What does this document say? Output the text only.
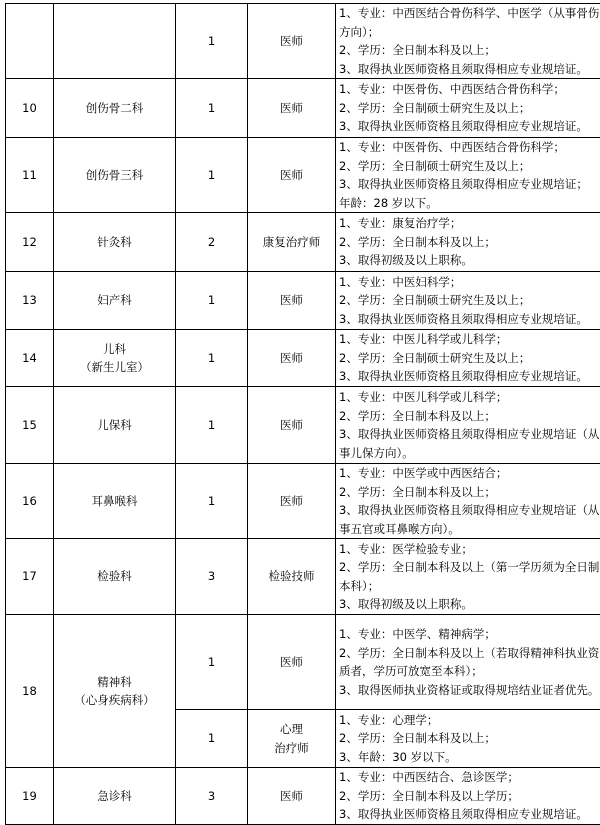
		1	医师	1、专业：中西医结合骨伤科学、中医学（从事骨伤方向）；
2、学历：全日制本科及以上；
3、取得执业医师资格且须取得相应专业规培证。

10	创伤骨二科	1	医师	1、专业：中医骨伤、中西医结合骨伤科学；
2、学历：全日制硕士研究生及以上；
3、取得执业医师资格且须取得相应专业规培证。

11	创伤骨三科	1	医师	1、专业：中医骨伤、中西医结合骨伤科学；
2、学历：全日制硕士研究生及以上；
3、取得执业医师资格且须取得相应专业规培证；
年龄：28 岁以下。

12	针灸科	2	康复治疗师	1、专业：康复治疗学；
2、学历：全日制本科及以上；
3、取得初级及以上职称。

13	妇产科	1	医师	1、专业：中医妇科学；
2、学历：全日制硕士研究生及以上；
3、取得执业医师资格且须取得相应专业规培证。

14	儿科
（新生儿室）	1	医师	1、专业：中医儿科学或儿科学；
2、学历：全日制硕士研究生及以上；
3、取得执业医师资格且须取得相应专业规培证。

15	儿保科	1	医师	1、专业：中医儿科学或儿科学；
2、学历：全日制本科及以上；
3、取得执业医师资格且须取得相应专业规培证（从事儿保方向）。

16	耳鼻喉科	1	医师	1、专业：中医学或中西医结合；
2、学历：全日制本科及以上；
3、取得执业医师资格且须取得相应专业规培证（从事五官或耳鼻喉方向）。

17	检验科	3	检验技师	1、专业：医学检验专业；
2、学历：全日制本科及以上（第一学历须为全日制本科）；
3、取得初级及以上职称。

18	精神科
（心身疾病科）	1	医师	1、专业：中医学、精神病学；
2、学历：全日制本科及以上（若取得精神科执业资质者，学历可放宽至本科）；
3、取得医师执业资格证或取得规培结业证者优先。

		1	心理
治疗师	1、专业：心理学；
2、学历：全日制本科及以上；
3、年龄：30 岁以下。

19	急诊科	3	医师	1、专业：中西医结合、急诊医学；
2、学历：全日制本科及以上学历；
3、取得执业医师资格且须取得相应专业规培证。
